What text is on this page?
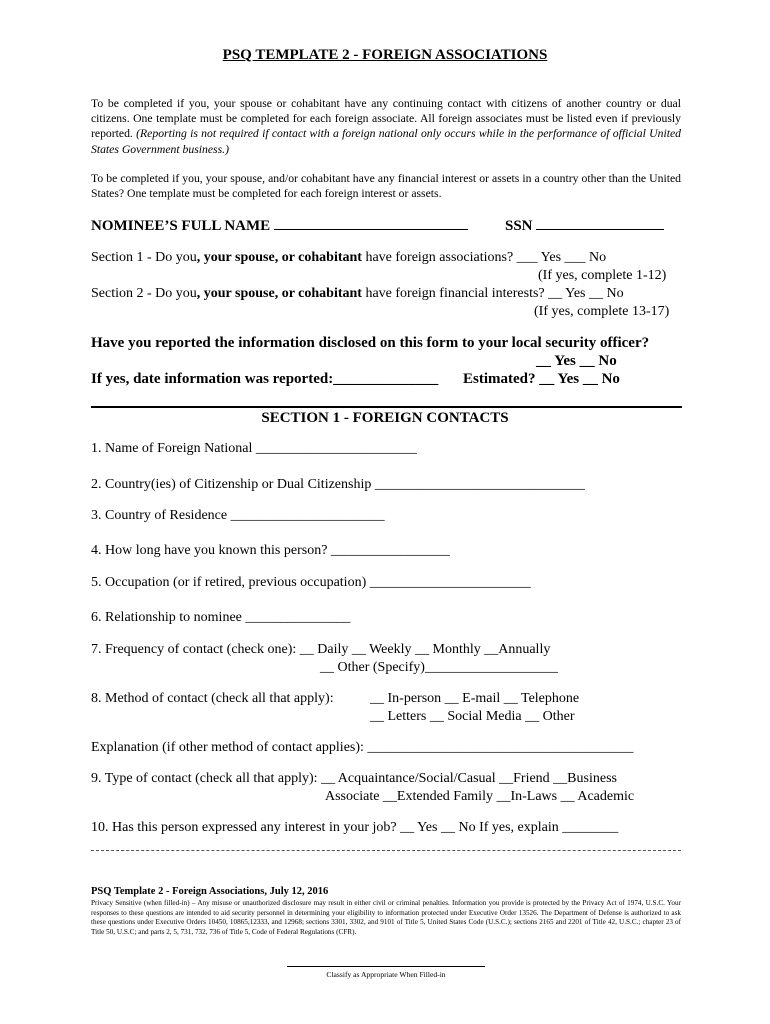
PSQ TEMPLATE 2 - FOREIGN ASSOCIATIONS
To be completed if you, your spouse or cohabitant have any continuing contact with citizens of another country or dual citizens. One template must be completed for each foreign associate. All foreign associates must be listed even if previously reported. (Reporting is not required if contact with a foreign national only occurs while in the performance of official United States Government business.)
To be completed if you, your spouse, and/or cohabitant have any financial interest or assets in a country other than the United States? One template must be completed for each foreign interest or assets.
NOMINEE’S FULL NAME	SSN
Section 1 - Do you, your spouse, or cohabitant have foreign associations? ___ Yes ___ No
(If yes, complete 1-12)
Section 2 - Do you, your spouse, or cohabitant have foreign financial interests? __ Yes __ No
(If yes, complete 13-17)
Have you reported the information disclosed on this form to your local security officer?
__ Yes __ No
If yes, date information was reported:______________ Estimated? __ Yes __ No
SECTION 1 - FOREIGN CONTACTS
1. Name of Foreign National _______________________
2. Country(ies) of Citizenship or Dual Citizenship ______________________________
3. Country of Residence ______________________
4. How long have you known this person? _________________
5. Occupation (or if retired, previous occupation) _______________________
6. Relationship to nominee _______________
7. Frequency of contact (check one): __ Daily __ Weekly __ Monthly __Annually
__ Other (Specify)___________________
8. Method of contact (check all that apply):	__ In-person __ E-mail __ Telephone
__ Letters __ Social Media __ Other
Explanation (if other method of contact applies): ______________________________________
9. Type of contact (check all that apply): __ Acquaintance/Social/Casual __Friend __Business
Associate __Extended Family __In-Laws __ Academic
10. Has this person expressed any interest in your job? __ Yes __ No If yes, explain ________
PSQ Template 2 - Foreign Associations, July 12, 2016
Privacy Sensitive (when filled-in) – Any misuse or unauthorized disclosure may result in either civil or criminal penalties. Information you provide is protected by the Privacy Act of 1974, U.S.C. Your responses to these questions are intended to aid security personnel in determining your eligibility to information protected under Executive Order 13526. The Department of Defense is authorized to ask these questions under Executive Orders 10450, 10865,12333, and 12968; sections 3301, 3302, and 9101 of Title 5, United States Code (U.S.C.); sections 2165 and 2201 of Title 42, U.S.C.; chapter 23 of Title 50, U.S.C; and parts 2, 5, 731, 732, 736 of Title 5, Code of Federal Regulations (CFR).
Classify as Appropriate When Filled-in
